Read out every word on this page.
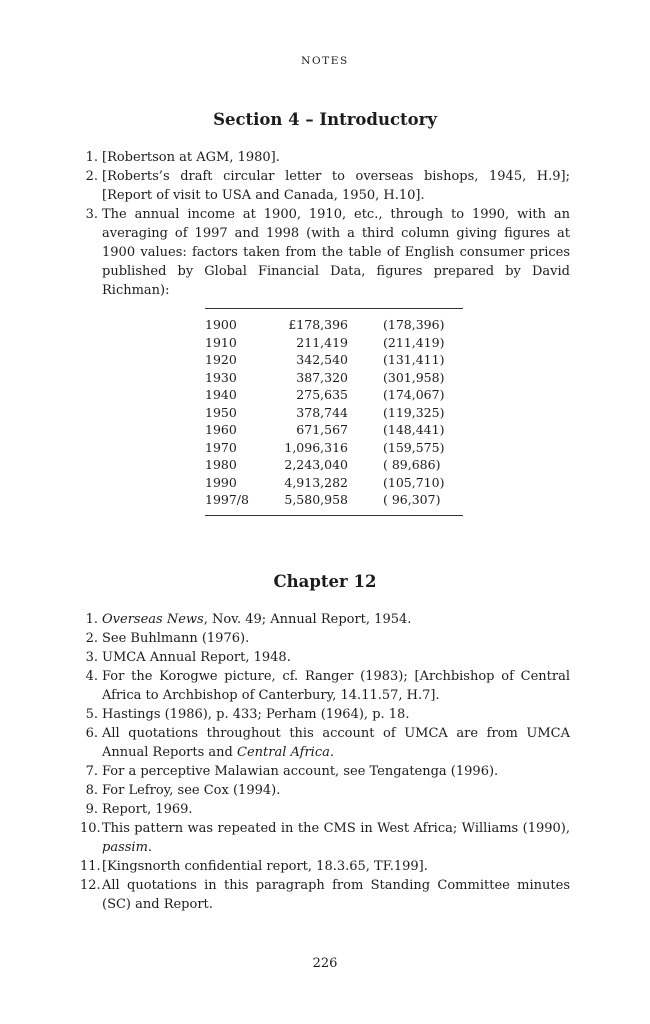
NOTES
Section 4 – Introductory
1 . [Robertson at AGM, 1980].
2 . [Roberts’s draft circular letter to overseas bishops, 1945, H.9]; [Report of visit to USA and Canada, 1950, H.10].
3 . The annual income at 1900, 1910, etc., through to 1990, with an averaging of 1997 and 1998 (with a third column giving figures at 1900 values: factors taken from the table of English consumer prices published by Global Financial Data, figures prepared by David Richman):
1900	£178,396	(178,396)
1910	211,419	(211,419)
1920	342,540	(131,411)
1930	387,320	(301,958)
1940	275,635	(174,067)
1950	378,744	(119,325)
1960	671,567	(148,441)
1970	1,096,316	(159,575)
1980	2,243,040	( 89,686)
1990	4,913,282	(105,710)
1997/8	5,580,958	( 96,307)
Chapter 12
1 . Overseas News, Nov. 49; Annual Report, 1954.
2 . See Buhlmann (1976).
3 . UMCA Annual Report, 1948.
4 . For the Korogwe picture, cf. Ranger (1983); [Archbishop of Central Africa to Archbishop of Canterbury, 14.11.57, H.7].
5 . Hastings (1986), p. 433; Perham (1964), p. 18.
6 . All quotations throughout this account of UMCA are from UMCA Annual Reports and Central Africa.
7 . For a perceptive Malawian account, see Tengatenga (1996).
8 . For Lefroy, see Cox (1994).
9 . Report, 1969.
10 . This pattern was repeated in the CMS in West Africa; Williams (1990), passim.
11 . [Kingsnorth confidential report, 18.3.65, TF.199].
12 . All quotations in this paragraph from Standing Committee minutes (SC) and Report.
226
